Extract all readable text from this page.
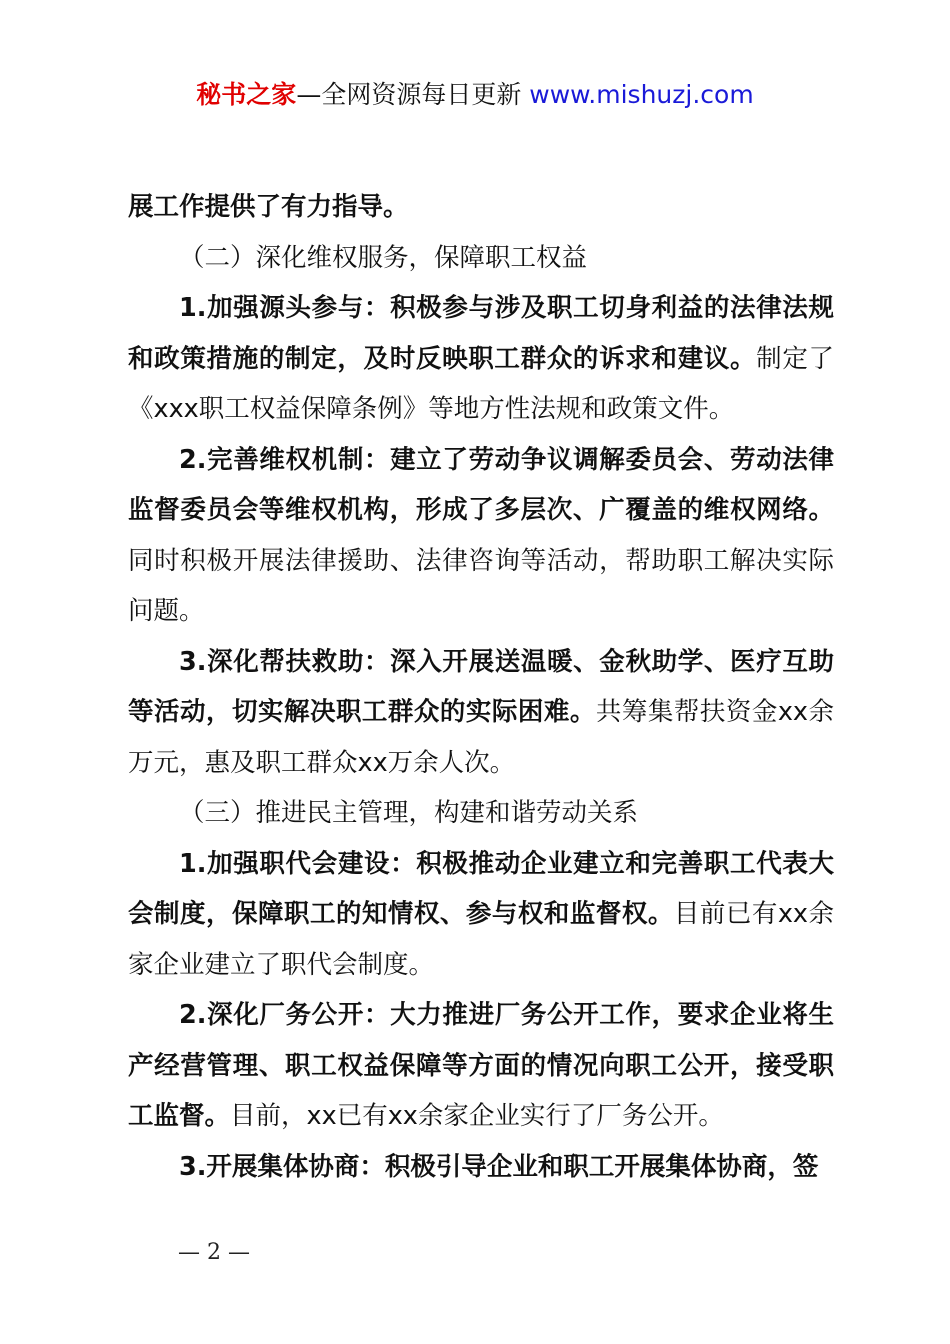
秘书之家—全网资源每日更新 www.mishuzj.com

展工作提供了有力指导。

（二）深化维权服务，保障职工权益

1.加强源头参与：积极参与涉及职工切身利益的法律法规和政策措施的制定，及时反映职工群众的诉求和建议。制定了《xxx职工权益保障条例》等地方性法规和政策文件。

2.完善维权机制：建立了劳动争议调解委员会、劳动法律监督委员会等维权机构，形成了多层次、广覆盖的维权网络。同时积极开展法律援助、法律咨询等活动，帮助职工解决实际问题。

3.深化帮扶救助：深入开展送温暖、金秋助学、医疗互助等活动，切实解决职工群众的实际困难。共筹集帮扶资金xx余万元，惠及职工群众xx万余人次。

（三）推进民主管理，构建和谐劳动关系

1.加强职代会建设：积极推动企业建立和完善职工代表大会制度，保障职工的知情权、参与权和监督权。目前已有xx余家企业建立了职代会制度。

2.深化厂务公开：大力推进厂务公开工作，要求企业将生产经营管理、职工权益保障等方面的情况向职工公开，接受职工监督。目前，xx已有xx余家企业实行了厂务公开。

3.开展集体协商：积极引导企业和职工开展集体协商，签

— 2 —
